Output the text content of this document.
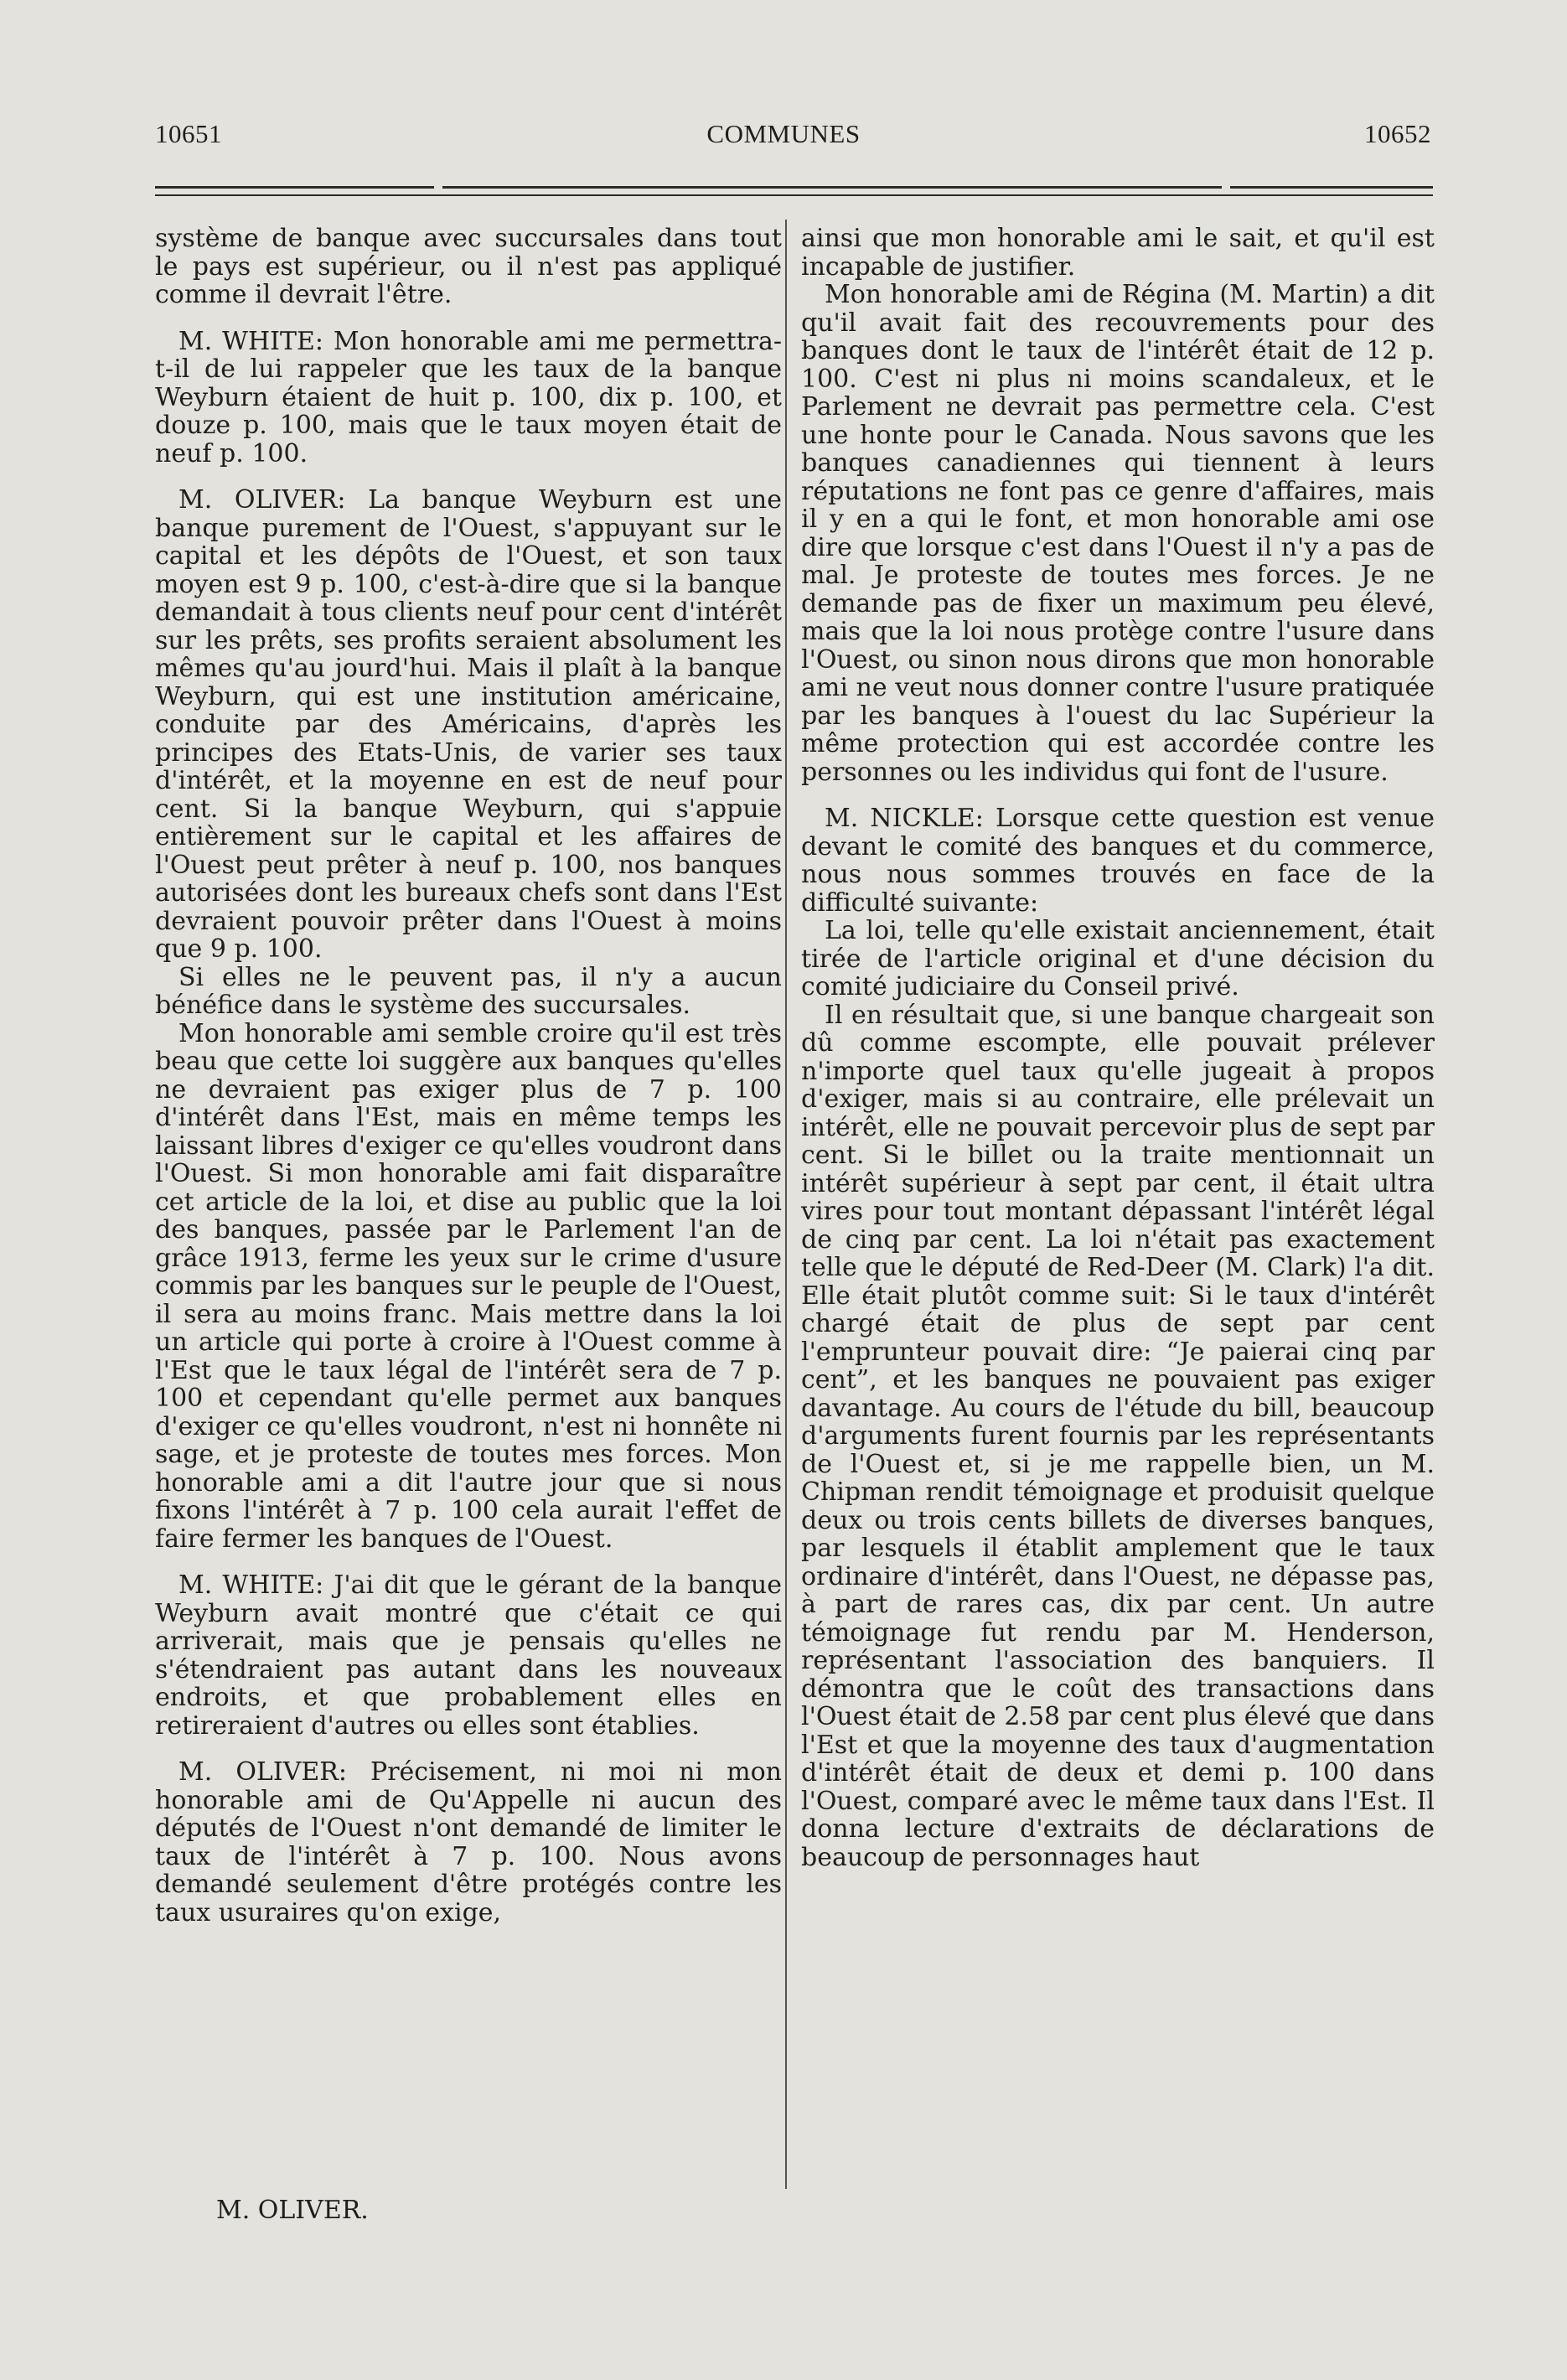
10651	COMMUNES	10652

système de banque avec succursales dans tout le pays est supérieur, ou il n'est pas appliqué comme il devrait l'être.

M. WHITE: Mon honorable ami me permettra-t-il de lui rappeler que les taux de la banque Weyburn étaient de huit p. 100, dix p. 100, et douze p. 100, mais que le taux moyen était de neuf p. 100.

M. OLIVER: La banque Weyburn est une banque purement de l'Ouest, s'appuyant sur le capital et les dépôts de l'Ouest, et son taux moyen est 9 p. 100, c'est-à-dire que si la banque demandait à tous clients neuf pour cent d'intérêt sur les prêts, ses profits seraient absolument les mêmes qu'au jourd'hui. Mais il plaît à la banque Weyburn, qui est une institution américaine, conduite par des Américains, d'après les principes des Etats-Unis, de varier ses taux d'intérêt, et la moyenne en est de neuf pour cent. Si la banque Weyburn, qui s'appuie entièrement sur le capital et les affaires de l'Ouest peut prêter à neuf p. 100, nos banques autorisées dont les bureaux chefs sont dans l'Est devraient pouvoir prêter dans l'Ouest à moins que 9 p. 100.

Si elles ne le peuvent pas, il n'y a aucun bénéfice dans le système des succursales.

Mon honorable ami semble croire qu'il est très beau que cette loi suggère aux banques qu'elles ne devraient pas exiger plus de 7 p. 100 d'intérêt dans l'Est, mais en même temps les laissant libres d'exiger ce qu'elles voudront dans l'Ouest. Si mon honorable ami fait disparaître cet article de la loi, et dise au public que la loi des banques, passée par le Parlement l'an de grâce 1913, ferme les yeux sur le crime d'usure commis par les banques sur le peuple de l'Ouest, il sera au moins franc. Mais mettre dans la loi un article qui porte à croire à l'Ouest comme à l'Est que le taux légal de l'intérêt sera de 7 p. 100 et cependant qu'elle permet aux banques d'exiger ce qu'elles voudront, n'est ni honnête ni sage, et je proteste de toutes mes forces. Mon honorable ami a dit l'autre jour que si nous fixons l'intérêt à 7 p. 100 cela aurait l'effet de faire fermer les banques de l'Ouest.

M. WHITE: J'ai dit que le gérant de la banque Weyburn avait montré que c'était ce qui arriverait, mais que je pensais qu'elles ne s'étendraient pas autant dans les nouveaux endroits, et que probablement elles en retireraient d'autres ou elles sont établies.

M. OLIVER: Précisement, ni moi ni mon honorable ami de Qu'Appelle ni aucun des députés de l'Ouest n'ont demandé de limiter le taux de l'intérêt à 7 p. 100. Nous avons demandé seulement d'être protégés contre les taux usuraires qu'on exige,

ainsi que mon honorable ami le sait, et qu'il est incapable de justifier.

Mon honorable ami de Régina (M. Martin) a dit qu'il avait fait des recouvrements pour des banques dont le taux de l'intérêt était de 12 p. 100. C'est ni plus ni moins scandaleux, et le Parlement ne devrait pas permettre cela. C'est une honte pour le Canada. Nous savons que les banques canadiennes qui tiennent à leurs réputations ne font pas ce genre d'affaires, mais il y en a qui le font, et mon honorable ami ose dire que lorsque c'est dans l'Ouest il n'y a pas de mal. Je proteste de toutes mes forces. Je ne demande pas de fixer un maximum peu élevé, mais que la loi nous protège contre l'usure dans l'Ouest, ou sinon nous dirons que mon honorable ami ne veut nous donner contre l'usure pratiquée par les banques à l'ouest du lac Supérieur la même protection qui est accordée contre les personnes ou les individus qui font de l'usure.

M. NICKLE: Lorsque cette question est venue devant le comité des banques et du commerce, nous nous sommes trouvés en face de la difficulté suivante:

La loi, telle qu'elle existait anciennement, était tirée de l'article original et d'une décision du comité judiciaire du Conseil privé.

Il en résultait que, si une banque chargeait son dû comme escompte, elle pouvait prélever n'importe quel taux qu'elle jugeait à propos d'exiger, mais si au contraire, elle prélevait un intérêt, elle ne pouvait percevoir plus de sept par cent. Si le billet ou la traite mentionnait un intérêt supérieur à sept par cent, il était ultra vires pour tout montant dépassant l'intérêt légal de cinq par cent. La loi n'était pas exactement telle que le député de Red-Deer (M. Clark) l'a dit. Elle était plutôt comme suit: Si le taux d'intérêt chargé était de plus de sept par cent l'emprunteur pouvait dire: “Je paierai cinq par cent”, et les banques ne pouvaient pas exiger davantage. Au cours de l'étude du bill, beaucoup d'arguments furent fournis par les représentants de l'Ouest et, si je me rappelle bien, un M. Chipman rendit témoignage et produisit quelque deux ou trois cents billets de diverses banques, par lesquels il établit amplement que le taux ordinaire d'intérêt, dans l'Ouest, ne dépasse pas, à part de rares cas, dix par cent. Un autre témoignage fut rendu par M. Henderson, représentant l'association des banquiers. Il démontra que le coût des transactions dans l'Ouest était de 2.58 par cent plus élevé que dans l'Est et que la moyenne des taux d'augmentation d'intérêt était de deux et demi p. 100 dans l'Ouest, comparé avec le même taux dans l'Est. Il donna lecture d'extraits de déclarations de beaucoup de personnages haut

M. OLIVER.
